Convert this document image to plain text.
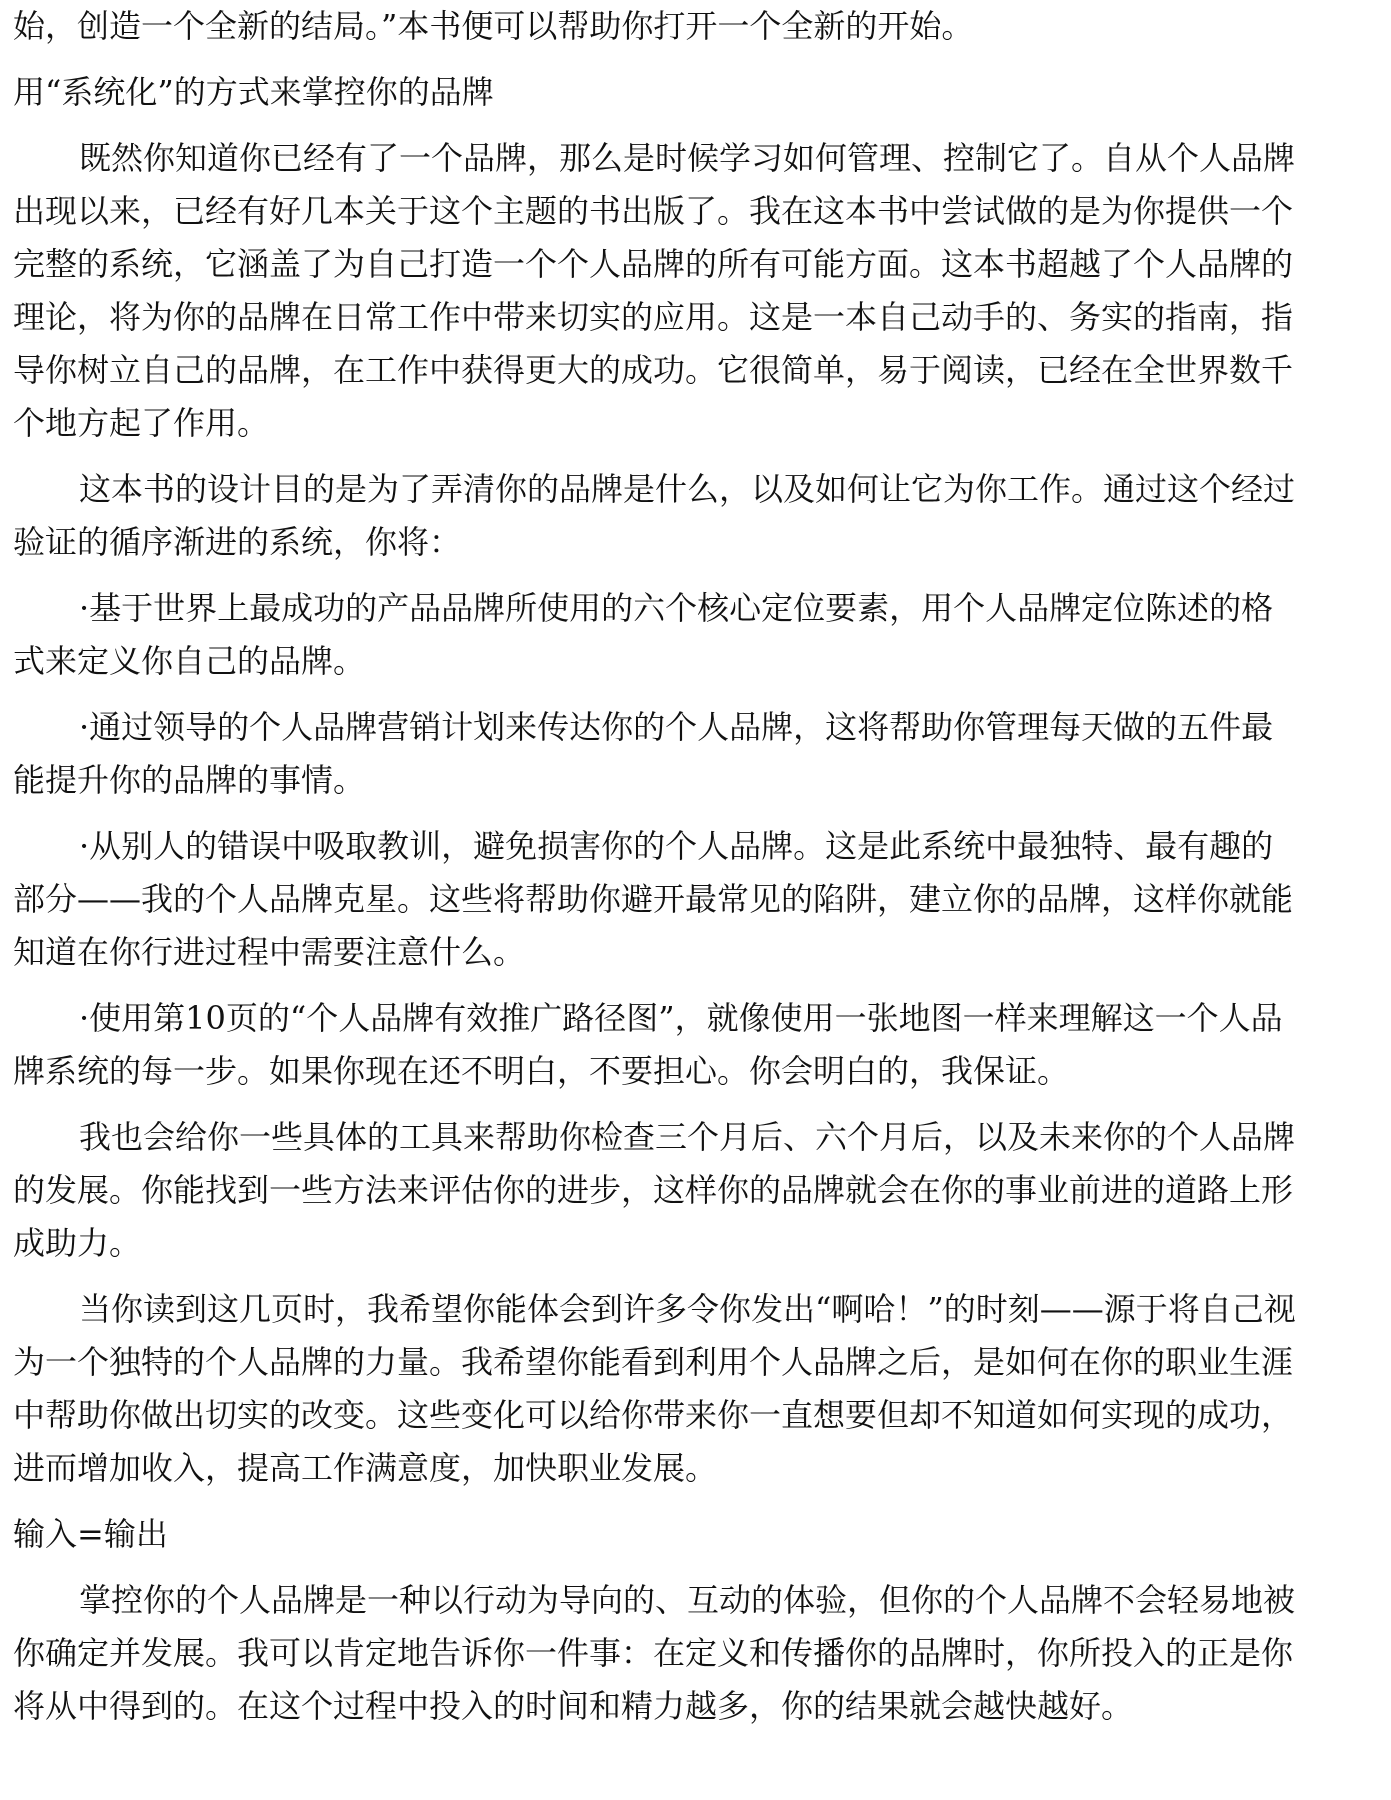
始，创造一个全新的结局。”本书便可以帮助你打开一个全新的开始。
用“系统化”的方式来掌控你的品牌
既然你知道你已经有了一个品牌，那么是时候学习如何管理、控制它了。自从个人品牌
出现以来，已经有好几本关于这个主题的书出版了。我在这本书中尝试做的是为你提供一个
完整的系统，它涵盖了为自己打造一个个人品牌的所有可能方面。这本书超越了个人品牌的
理论，将为你的品牌在日常工作中带来切实的应用。这是一本自己动手的、务实的指南，指
导你树立自己的品牌，在工作中获得更大的成功。它很简单，易于阅读，已经在全世界数千
个地方起了作用。
这本书的设计目的是为了弄清你的品牌是什么，以及如何让它为你工作。通过这个经过
验证的循序渐进的系统，你将：
·基于世界上最成功的产品品牌所使用的六个核心定位要素，用个人品牌定位陈述的格
式来定义你自己的品牌。
·通过领导的个人品牌营销计划来传达你的个人品牌，这将帮助你管理每天做的五件最
能提升你的品牌的事情。
·从别人的错误中吸取教训，避免损害你的个人品牌。这是此系统中最独特、最有趣的
部分——我的个人品牌克星。这些将帮助你避开最常见的陷阱，建立你的品牌，这样你就能
知道在你行进过程中需要注意什么。
·使用第10页的“个人品牌有效推广路径图”，就像使用一张地图一样来理解这一个人品
牌系统的每一步。如果你现在还不明白，不要担心。你会明白的，我保证。
我也会给你一些具体的工具来帮助你检查三个月后、六个月后，以及未来你的个人品牌
的发展。你能找到一些方法来评估你的进步，这样你的品牌就会在你的事业前进的道路上形
成助力。
当你读到这几页时，我希望你能体会到许多令你发出“啊哈！”的时刻——源于将自己视
为一个独特的个人品牌的力量。我希望你能看到利用个人品牌之后，是如何在你的职业生涯
中帮助你做出切实的改变。这些变化可以给你带来你一直想要但却不知道如何实现的成功，
进而增加收入，提高工作满意度，加快职业发展。
输入=输出
掌控你的个人品牌是一种以行动为导向的、互动的体验，但你的个人品牌不会轻易地被
你确定并发展。我可以肯定地告诉你一件事：在定义和传播你的品牌时，你所投入的正是你
将从中得到的。在这个过程中投入的时间和精力越多，你的结果就会越快越好。
